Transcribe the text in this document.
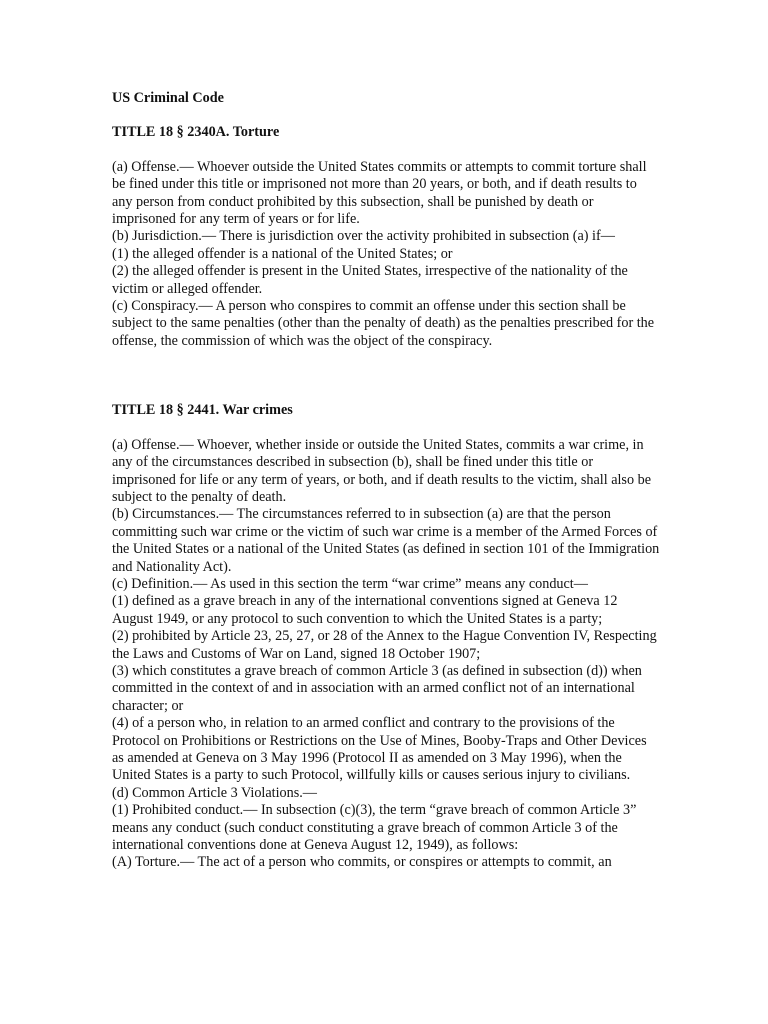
US Criminal Code

TITLE 18 § 2340A. Torture

(a) Offense.— Whoever outside the United States commits or attempts to commit torture shall be fined under this title or imprisoned not more than 20 years, or both, and if death results to any person from conduct prohibited by this subsection, shall be punished by death or imprisoned for any term of years or for life.

(b) Jurisdiction.— There is jurisdiction over the activity prohibited in subsection (a) if—

(1) the alleged offender is a national of the United States; or

(2) the alleged offender is present in the United States, irrespective of the nationality of the victim or alleged offender.

(c) Conspiracy.— A person who conspires to commit an offense under this section shall be subject to the same penalties (other than the penalty of death) as the penalties prescribed for the offense, the commission of which was the object of the conspiracy.

TITLE 18 § 2441. War crimes

(a) Offense.— Whoever, whether inside or outside the United States, commits a war crime, in any of the circumstances described in subsection (b), shall be fined under this title or imprisoned for life or any term of years, or both, and if death results to the victim, shall also be subject to the penalty of death.

(b) Circumstances.— The circumstances referred to in subsection (a) are that the person committing such war crime or the victim of such war crime is a member of the Armed Forces of the United States or a national of the United States (as defined in section 101 of the Immigration and Nationality Act).

(c) Definition.— As used in this section the term “war crime” means any conduct—

(1) defined as a grave breach in any of the international conventions signed at Geneva 12 August 1949, or any protocol to such convention to which the United States is a party;

(2) prohibited by Article 23, 25, 27, or 28 of the Annex to the Hague Convention IV, Respecting the Laws and Customs of War on Land, signed 18 October 1907;

(3) which constitutes a grave breach of common Article 3 (as defined in subsection (d)) when committed in the context of and in association with an armed conflict not of an international character; or

(4) of a person who, in relation to an armed conflict and contrary to the provisions of the Protocol on Prohibitions or Restrictions on the Use of Mines, Booby-Traps and Other Devices as amended at Geneva on 3 May 1996 (Protocol II as amended on 3 May 1996), when the United States is a party to such Protocol, willfully kills or causes serious injury to civilians.

(d) Common Article 3 Violations.—

(1) Prohibited conduct.— In subsection (c)(3), the term “grave breach of common Article 3” means any conduct (such conduct constituting a grave breach of common Article 3 of the international conventions done at Geneva August 12, 1949), as follows:

(A) Torture.— The act of a person who commits, or conspires or attempts to commit, an
